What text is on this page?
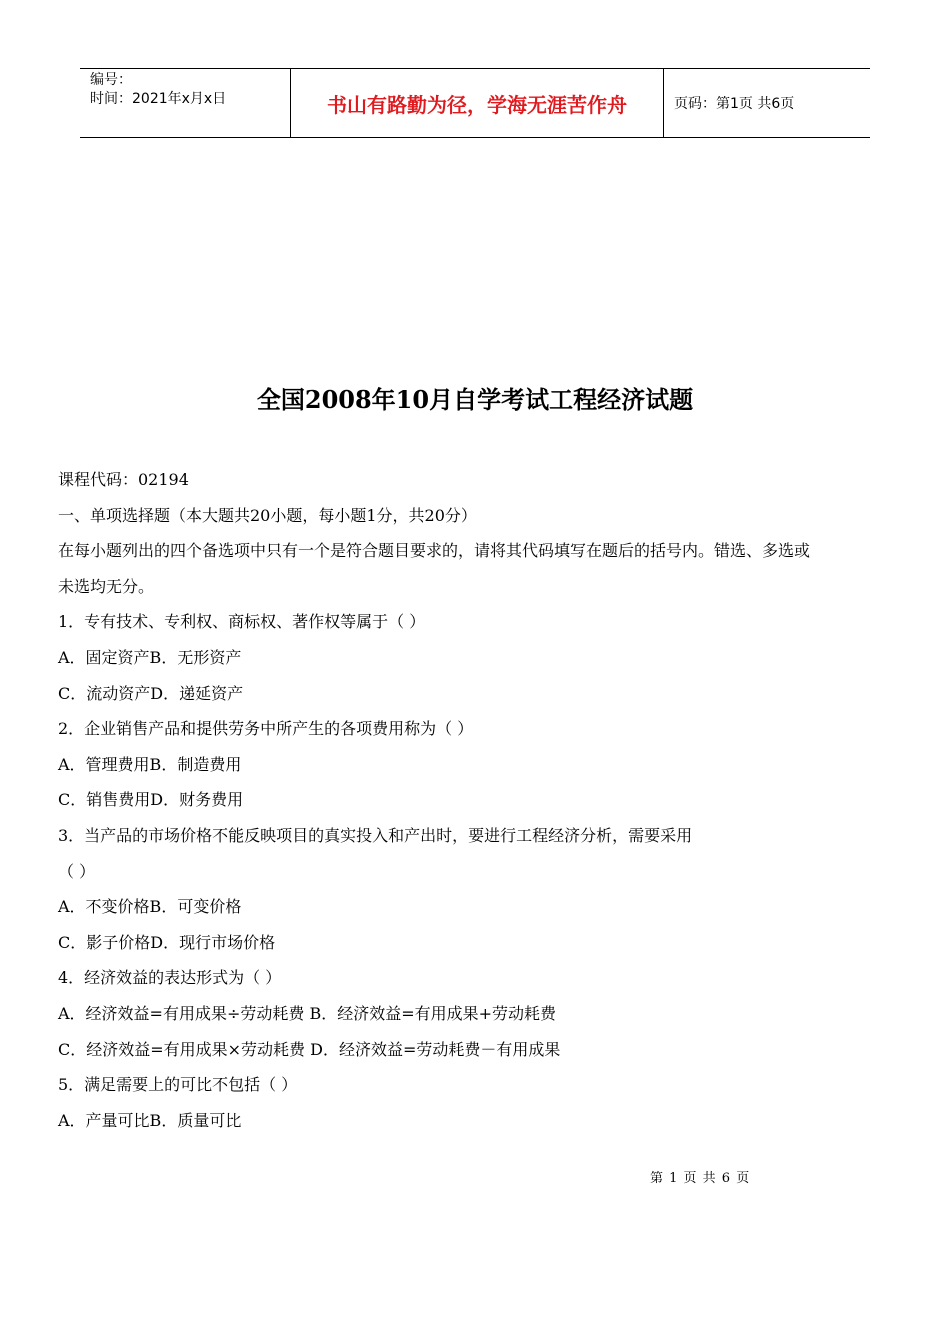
编号：
时间：2021年x月x日	书山有路勤为径，学海无涯苦作舟	页码：第1页 共6页
全国2008年10月自学考试工程经济试题
课程代码：02194
一、单项选择题（本大题共20小题，每小题1分，共20分）
在每小题列出的四个备选项中只有一个是符合题目要求的，请将其代码填写在题后的括号内。错选、多选或
未选均无分。
1．专有技术、专利权、商标权、著作权等属于（ ）
A．固定资产B．无形资产
C．流动资产D．递延资产
2．企业销售产品和提供劳务中所产生的各项费用称为（ ）
A．管理费用B．制造费用
C．销售费用D．财务费用
3．当产品的市场价格不能反映项目的真实投入和产出时，要进行工程经济分析，需要采用
（ ）
A．不变价格B．可变价格
C．影子价格D．现行市场价格
4．经济效益的表达形式为（ ）
A．经济效益=有用成果÷劳动耗费 B．经济效益=有用成果+劳动耗费
C．经济效益=有用成果×劳动耗费 D．经济效益=劳动耗费－有用成果
5．满足需要上的可比不包括（ ）
A．产量可比B．质量可比
第 1 页 共 6 页
